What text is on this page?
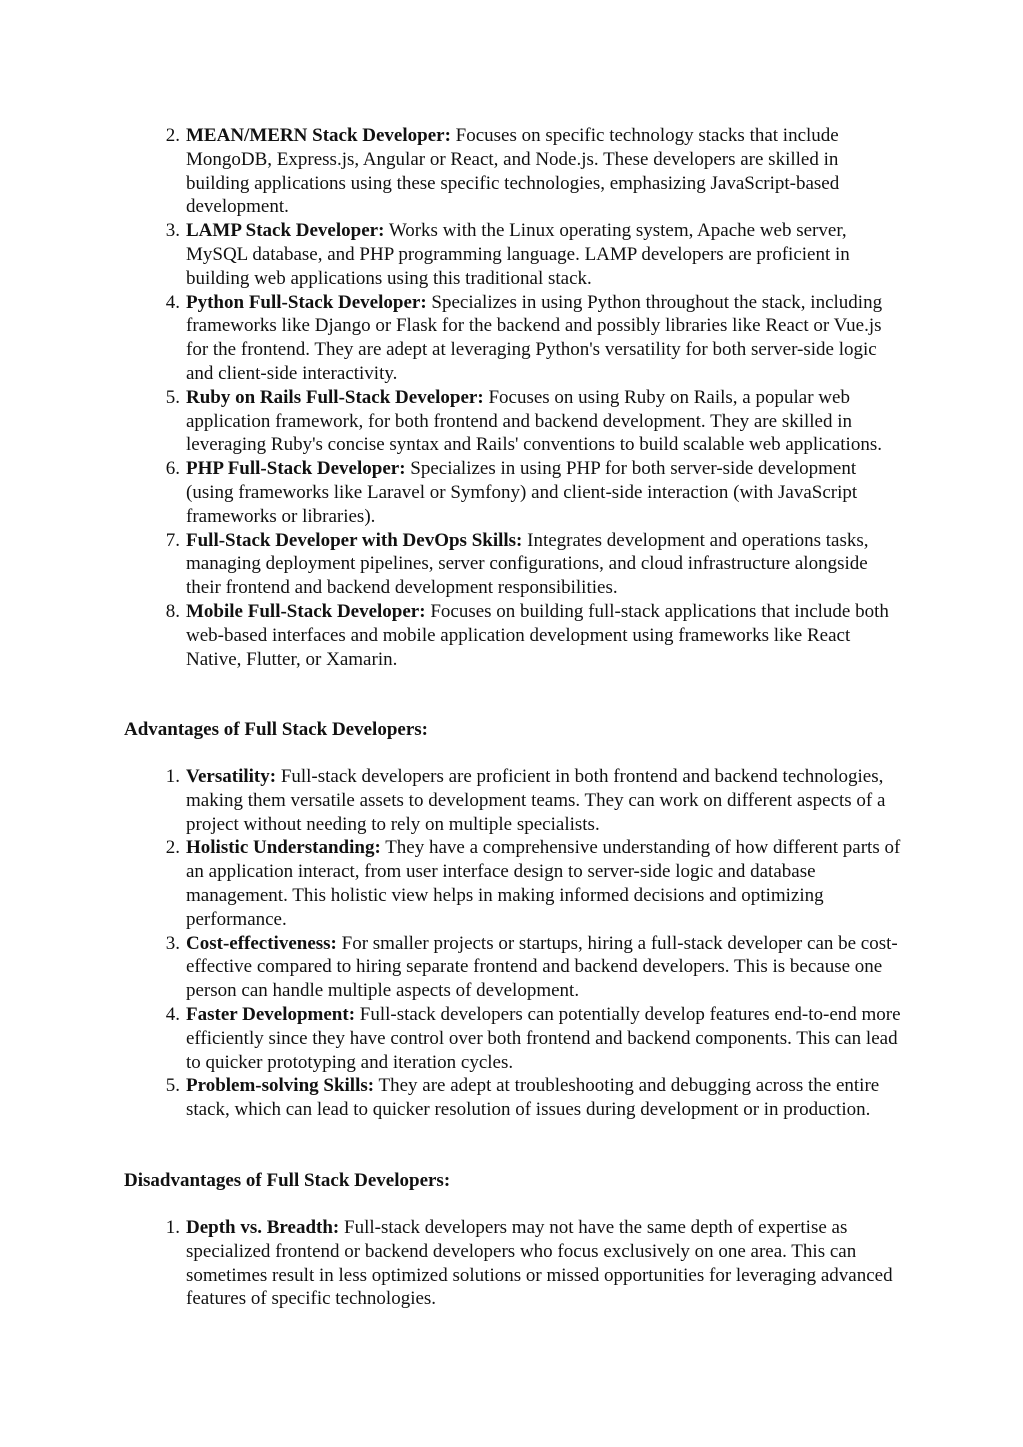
2. MEAN/MERN Stack Developer: Focuses on specific technology stacks that include MongoDB, Express.js, Angular or React, and Node.js. These developers are skilled in building applications using these specific technologies, emphasizing JavaScript-based development.
3. LAMP Stack Developer: Works with the Linux operating system, Apache web server, MySQL database, and PHP programming language. LAMP developers are proficient in building web applications using this traditional stack.
4. Python Full-Stack Developer: Specializes in using Python throughout the stack, including frameworks like Django or Flask for the backend and possibly libraries like React or Vue.js for the frontend. They are adept at leveraging Python's versatility for both server-side logic and client-side interactivity.
5. Ruby on Rails Full-Stack Developer: Focuses on using Ruby on Rails, a popular web application framework, for both frontend and backend development. They are skilled in leveraging Ruby's concise syntax and Rails' conventions to build scalable web applications.
6. PHP Full-Stack Developer: Specializes in using PHP for both server-side development (using frameworks like Laravel or Symfony) and client-side interaction (with JavaScript frameworks or libraries).
7. Full-Stack Developer with DevOps Skills: Integrates development and operations tasks, managing deployment pipelines, server configurations, and cloud infrastructure alongside their frontend and backend development responsibilities.
8. Mobile Full-Stack Developer: Focuses on building full-stack applications that include both web-based interfaces and mobile application development using frameworks like React Native, Flutter, or Xamarin.
Advantages of Full Stack Developers:
1. Versatility: Full-stack developers are proficient in both frontend and backend technologies, making them versatile assets to development teams. They can work on different aspects of a project without needing to rely on multiple specialists.
2. Holistic Understanding: They have a comprehensive understanding of how different parts of an application interact, from user interface design to server-side logic and database management. This holistic view helps in making informed decisions and optimizing performance.
3. Cost-effectiveness: For smaller projects or startups, hiring a full-stack developer can be cost-effective compared to hiring separate frontend and backend developers. This is because one person can handle multiple aspects of development.
4. Faster Development: Full-stack developers can potentially develop features end-to-end more efficiently since they have control over both frontend and backend components. This can lead to quicker prototyping and iteration cycles.
5. Problem-solving Skills: They are adept at troubleshooting and debugging across the entire stack, which can lead to quicker resolution of issues during development or in production.
Disadvantages of Full Stack Developers:
1. Depth vs. Breadth: Full-stack developers may not have the same depth of expertise as specialized frontend or backend developers who focus exclusively on one area. This can sometimes result in less optimized solutions or missed opportunities for leveraging advanced features of specific technologies.
